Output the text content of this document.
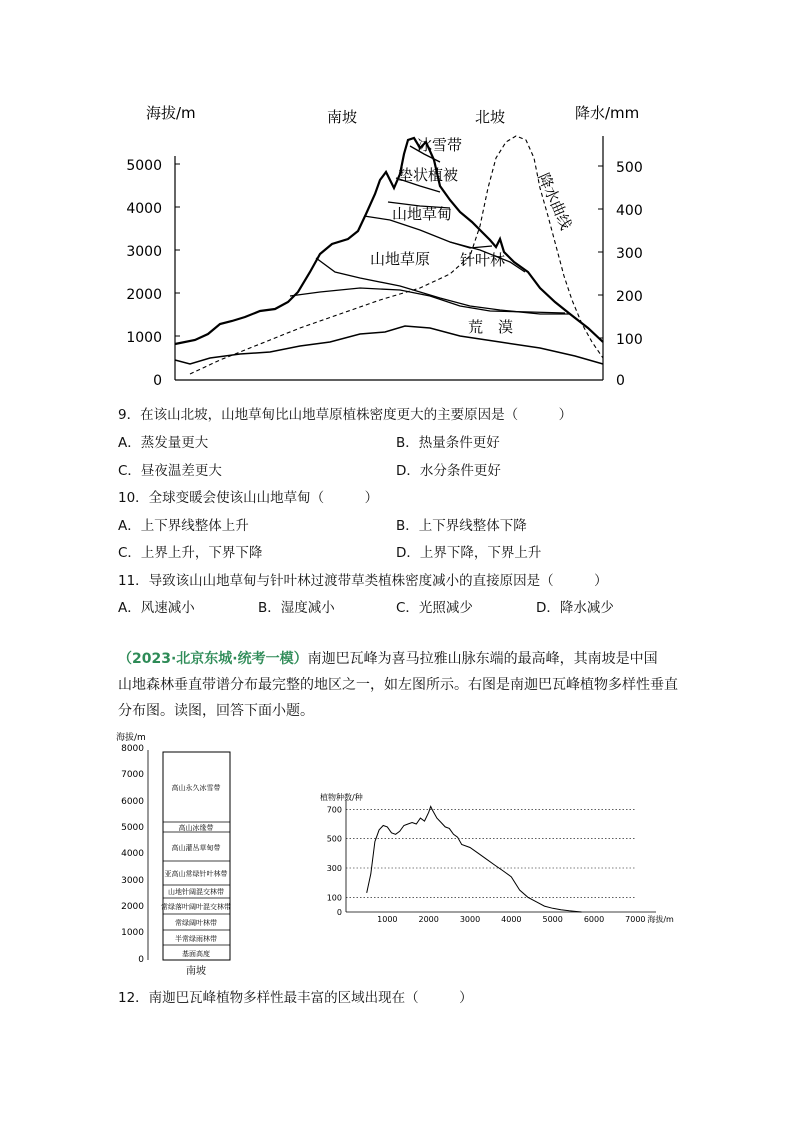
海拔/m	南坡	北坡	降水/mm
5000
4000
3000
2000
1000
0
500
400
300
200
100
0
冰雪带
垫状植被
山地草甸
山地草原 针叶林
荒　漠
降水曲线
9．在该山北坡，山地草甸比山地草原植株密度更大的主要原因是（　　　）
A．蒸发量更大	B．热量条件更好
C．昼夜温差更大	D．水分条件更好
10．全球变暖会使该山山地草甸（　　　）
A．上下界线整体上升	B．上下界线整体下降
C．上界上升，下界下降	D．上界下降，下界上升
11．导致该山山地草甸与针叶林过渡带草类植株密度减小的直接原因是（　　　）
A．风速减小	B．湿度减小	C．光照减少	D．降水减少
（2023·北京东城·统考一模）南迦巴瓦峰为喜马拉雅山脉东端的最高峰，其南坡是中国
山地森林垂直带谱分布最完整的地区之一，如左图所示。右图是南迦巴瓦峰植物多样性垂直
分布图。读图，回答下面小题。
海拔/m
8000
7000
6000
5000
4000
3000
2000
1000
0
高山永久冰雪带
高山冰缘带
高山灌丛草甸带
亚高山常绿针叶林带
山地针阔混交林带
常绿落叶阔叶混交林带
常绿阔叶林带
半常绿雨林带
基面高度
南坡
植物种数/种
0
100
300
500
700
1000	2000	3000	4000	5000	6000	7000 海拔/m
12．南迦巴瓦峰植物多样性最丰富的区域出现在（　　　）
